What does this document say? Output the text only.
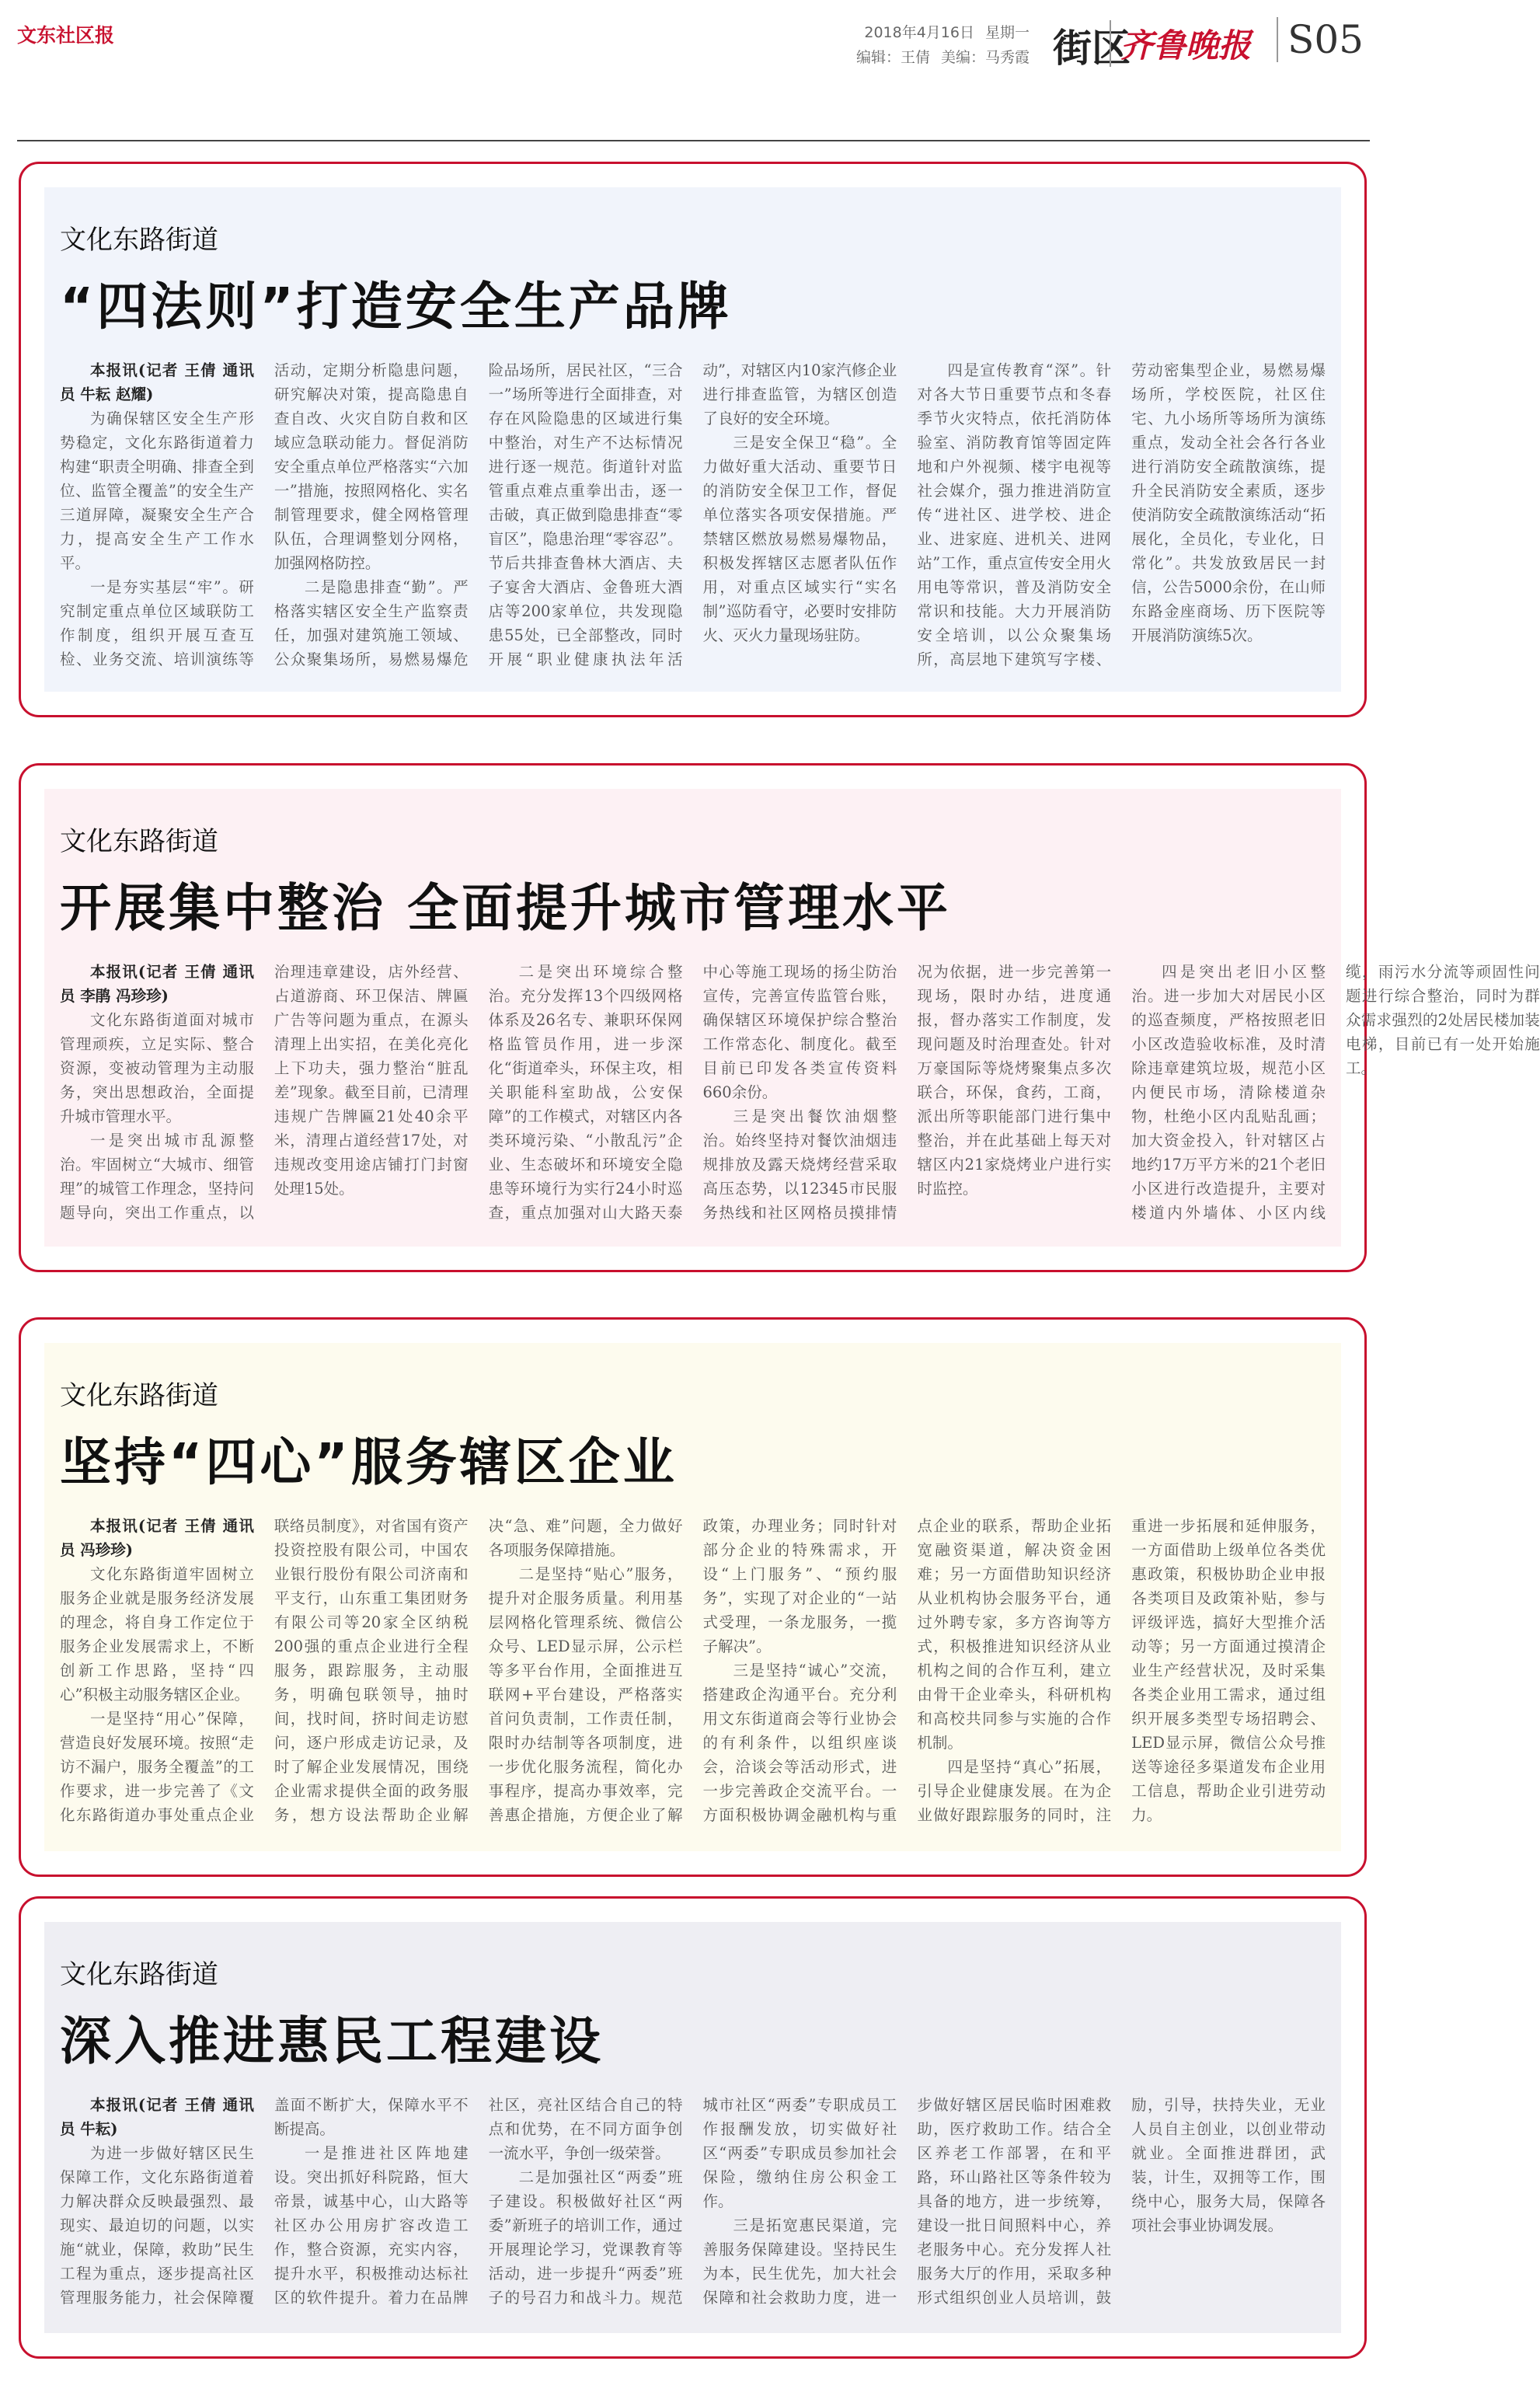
文东社区报	2018年4月16日 星期一
编辑：王倩 美编：马秀霞 街区
齐鲁晚报 S05
文化东路街道
“四法则”打造安全生产品牌

本报讯(记者 王倩 通讯员 牛耘 赵耀)

为确保辖区安全生产形势稳定，文化东路街道着力构建“职责全明确、排查全到位、监管全覆盖”的安全生产三道屏障，凝聚安全生产合力，提高安全生产工作水平。

一是夯实基层“牢”。研究制定重点单位区域联防工作制度，组织开展互查互检、业务交流、培训演练等活动，定期分析隐患问题，研究解决对策，提高隐患自查自改、火灾自防自救和区域应急联动能力。督促消防安全重点单位严格落实“六加一”措施，按照网格化、实名制管理要求，健全网格管理队伍，合理调整划分网格，加强网格防控。

二是隐患排查“勤”。严格落实辖区安全生产监察责任，加强对建筑施工领域、公众聚集场所，易燃易爆危险品场所，居民社区，“三合一”场所等进行全面排查，对存在风险隐患的区域进行集中整治，对生产不达标情况进行逐一规范。街道针对监管重点难点重拳出击，逐一击破，真正做到隐患排查“零盲区”，隐患治理“零容忍”。节后共排查鲁林大酒店、夫子宴舍大酒店、金鲁班大酒店等200家单位，共发现隐患55处，已全部整改，同时开展“职业健康执法年活动”，对辖区内10家汽修企业进行排查监管，为辖区创造了良好的安全环境。

三是安全保卫“稳”。全力做好重大活动、重要节日的消防安全保卫工作，督促单位落实各项安保措施。严禁辖区燃放易燃易爆物品，积极发挥辖区志愿者队伍作用，对重点区域实行“实名制”巡防看守，必要时安排防火、灭火力量现场驻防。

四是宣传教育“深”。针对各大节日重要节点和冬春季节火灾特点，依托消防体验室、消防教育馆等固定阵地和户外视频、楼宇电视等社会媒介，强力推进消防宣传“进社区、进学校、进企业、进家庭、进机关、进网站”工作，重点宣传安全用火用电等常识，普及消防安全常识和技能。大力开展消防安全培训，以公众聚集场所，高层地下建筑写字楼、劳动密集型企业，易燃易爆场所，学校医院，社区住宅、九小场所等场所为演练重点，发动全社会各行各业进行消防安全疏散演练，提升全民消防安全素质，逐步使消防安全疏散演练活动“拓展化，全员化，专业化，日常化”。共发放致居民一封信，公告5000余份，在山师东路金座商场、历下医院等开展消防演练5次。

文化东路街道
开展集中整治 全面提升城市管理水平

本报讯(记者 王倩 通讯员 李鹃 冯珍珍)

文化东路街道面对城市管理顽疾，立足实际、整合资源，变被动管理为主动服务，突出思想政治，全面提升城市管理水平。

一是突出城市乱源整治。牢固树立“大城市、细管理”的城管工作理念，坚持问题导向，突出工作重点，以治理违章建设，店外经营、占道游商、环卫保洁、牌匾广告等问题为重点，在源头清理上出实招，在美化亮化上下功夫，强力整治“脏乱差”现象。截至目前，已清理违规广告牌匾21处40余平米，清理占道经营17处，对违规改变用途店铺打门封窗处理15处。

二是突出环境综合整治。充分发挥13个四级网格体系及26名专、兼职环保网格监管员作用，进一步深化“街道牵头，环保主攻，相关职能科室助战，公安保障”的工作模式，对辖区内各类环境污染、“小散乱污”企业、生态破坏和环境安全隐患等环境行为实行24小时巡查，重点加强对山大路天泰中心等施工现场的扬尘防治宣传，完善宣传监管台账，确保辖区环境保护综合整治工作常态化、制度化。截至目前已印发各类宣传资料660余份。

三是突出餐饮油烟整治。始终坚持对餐饮油烟违规排放及露天烧烤经营采取高压态势，以12345市民服务热线和社区网格员摸排情况为依据，进一步完善第一现场，限时办结，进度通报，督办落实工作制度，发现问题及时治理查处。针对万豪国际等烧烤聚集点多次联合，环保，食药，工商，派出所等职能部门进行集中整治，并在此基础上每天对辖区内21家烧烤业户进行实时监控。

四是突出老旧小区整治。进一步加大对居民小区的巡查频度，严格按照老旧小区改造验收标准，及时清除违章建筑垃圾，规范小区内便民市场，清除楼道杂物，杜绝小区内乱贴乱画；加大资金投入，针对辖区占地约17万平方米的21个老旧小区进行改造提升，主要对楼道内外墙体、小区内线缆，雨污水分流等顽固性问题进行综合整治，同时为群众需求强烈的2处居民楼加装电梯，目前已有一处开始施工。

文化东路街道
坚持“四心”服务辖区企业

本报讯(记者 王倩 通讯员 冯珍珍)

文化东路街道牢固树立服务企业就是服务经济发展的理念，将自身工作定位于服务企业发展需求上，不断创新工作思路，坚持“四心”积极主动服务辖区企业。

一是坚持“用心”保障，营造良好发展环境。按照“走访不漏户，服务全覆盖”的工作要求，进一步完善了《文化东路街道办事处重点企业联络员制度》，对省国有资产投资控股有限公司，中国农业银行股份有限公司济南和平支行，山东重工集团财务有限公司等20家全区纳税200强的重点企业进行全程服务，跟踪服务，主动服务，明确包联领导，抽时间，找时间，挤时间走访慰问，逐户形成走访记录，及时了解企业发展情况，围绕企业需求提供全面的政务服务，想方设法帮助企业解决“急、难”问题，全力做好各项服务保障措施。

二是坚持“贴心”服务，提升对企服务质量。利用基层网格化管理系统、微信公众号、LED显示屏，公示栏等多平台作用，全面推进互联网+平台建设，严格落实首问负责制，工作责任制，限时办结制等各项制度，进一步优化服务流程，简化办事程序，提高办事效率，完善惠企措施，方便企业了解政策，办理业务；同时针对部分企业的特殊需求，开设“上门服务”、“预约服务”，实现了对企业的“一站式受理，一条龙服务，一揽子解决”。

三是坚持“诚心”交流，搭建政企沟通平台。充分利用文东街道商会等行业协会的有利条件，以组织座谈会，洽谈会等活动形式，进一步完善政企交流平台。一方面积极协调金融机构与重点企业的联系，帮助企业拓宽融资渠道，解决资金困难；另一方面借助知识经济从业机构协会服务平台，通过外聘专家，多方咨询等方式，积极推进知识经济从业机构之间的合作互利，建立由骨干企业牵头，科研机构和高校共同参与实施的合作机制。

四是坚持“真心”拓展，引导企业健康发展。在为企业做好跟踪服务的同时，注重进一步拓展和延伸服务，一方面借助上级单位各类优惠政策，积极协助企业申报各类项目及政策补贴，参与评级评选，搞好大型推介活动等；另一方面通过摸清企业生产经营状况，及时采集各类企业用工需求，通过组织开展多类型专场招聘会、LED显示屏，微信公众号推送等途径多渠道发布企业用工信息，帮助企业引进劳动力。

文化东路街道
深入推进惠民工程建设

本报讯(记者 王倩 通讯员 牛耘)

为进一步做好辖区民生保障工作，文化东路街道着力解决群众反映最强烈、最现实、最迫切的问题，以实施“就业，保障，救助”民生工程为重点，逐步提高社区管理服务能力，社会保障覆盖面不断扩大，保障水平不断提高。

一是推进社区阵地建设。突出抓好科院路，恒大帝景，诚基中心，山大路等社区办公用房扩容改造工作，整合资源，充实内容，提升水平，积极推动达标社区的软件提升。着力在品牌社区，亮社区结合自己的特点和优势，在不同方面争创一流水平，争创一级荣誉。

二是加强社区“两委”班子建设。积极做好社区“两委”新班子的培训工作，通过开展理论学习，党课教育等活动，进一步提升“两委”班子的号召力和战斗力。规范城市社区“两委”专职成员工作报酬发放，切实做好社区“两委”专职成员参加社会保险，缴纳住房公积金工作。

三是拓宽惠民渠道，完善服务保障建设。坚持民生为本，民生优先，加大社会保障和社会救助力度，进一步做好辖区居民临时困难救助，医疗救助工作。结合全区养老工作部署，在和平路，环山路社区等条件较为具备的地方，进一步统筹，建设一批日间照料中心，养老服务中心。充分发挥人社服务大厅的作用，采取多种形式组织创业人员培训，鼓励，引导，扶持失业，无业人员自主创业，以创业带动就业。全面推进群团，武装，计生，双拥等工作，围绕中心，服务大局，保障各项社会事业协调发展。
